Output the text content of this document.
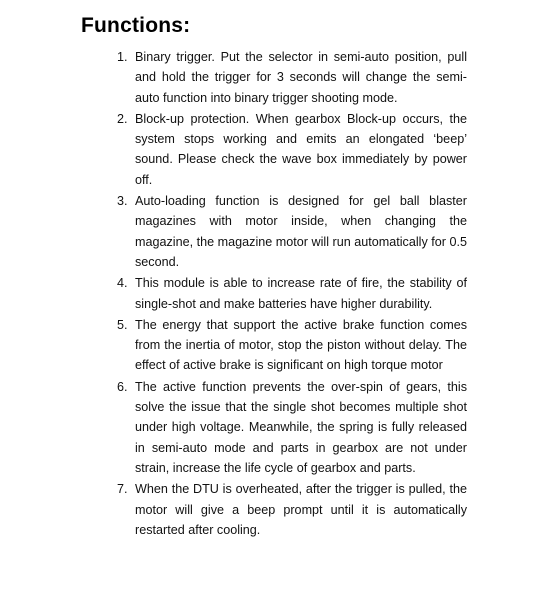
Functions:
1. Binary trigger. Put the selector in semi-auto position, pull and hold the trigger for 3 seconds will change the semi-auto function into binary trigger shooting mode.
2. Block-up protection. When gearbox Block-up occurs, the system stops working and emits an elongated ‘beep’ sound. Please check the wave box immediately by power off.
3. Auto-loading function is designed for gel ball blaster magazines with motor inside, when changing the magazine, the magazine motor will run automatically for 0.5 second.
4. This module is able to increase rate of fire, the stability of single-shot and make batteries have higher durability.
5. The energy that support the active brake function comes from the inertia of motor, stop the piston without delay. The effect of active brake is significant on high torque motor
6. The active function prevents the over-spin of gears, this solve the issue that the single shot becomes multiple shot under high voltage. Meanwhile, the spring is fully released in semi-auto mode and parts in gearbox are not under strain, increase the life cycle of gearbox and parts.
7. When the DTU is overheated, after the trigger is pulled, the motor will give a beep prompt until it is automatically restarted after cooling.
